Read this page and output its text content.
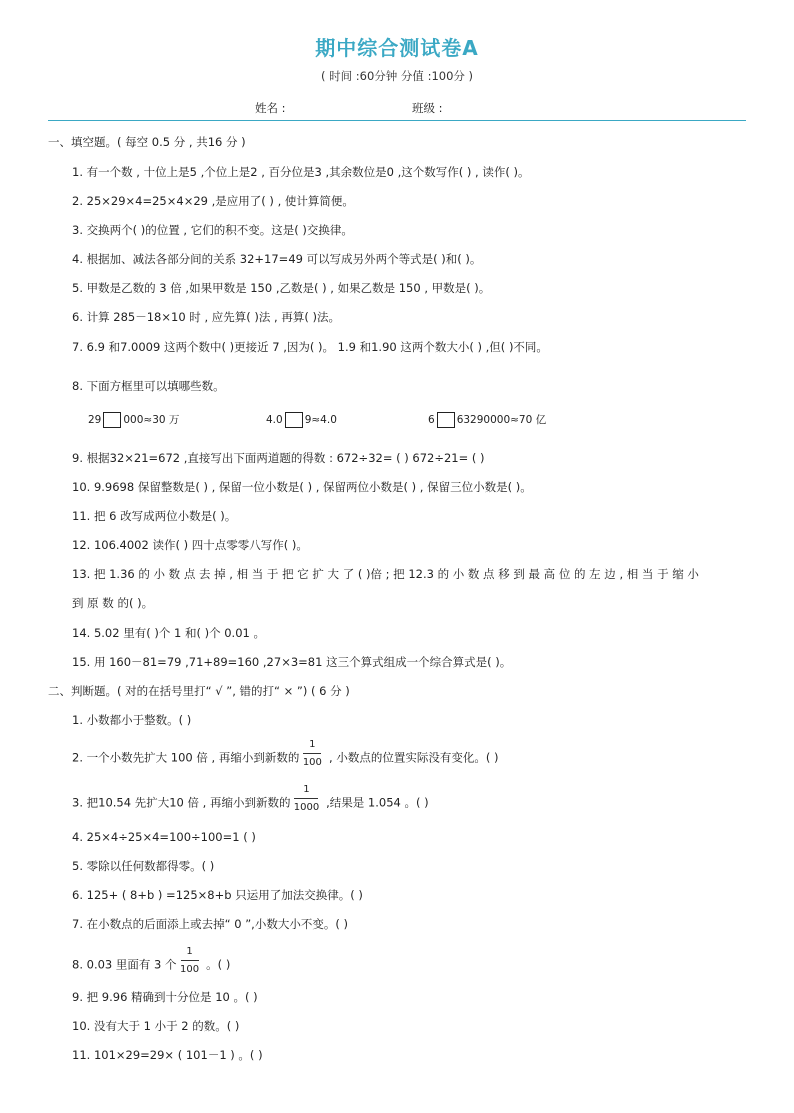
期中综合测试卷A
( 时间 :60分钟 分值 :100分 )
姓名 :	班级 :
一、填空题。( 每空 0.5 分 , 共16 分 )
1. 有一个数 , 十位上是5 ,个位上是2 , 百分位是3 ,其余数位是0 ,这个数写作( ) , 读作( )。
2. 25×29×4=25×4×29 ,是应用了( ) , 使计算简便。
3. 交换两个( )的位置 , 它们的积不变。这是( )交换律。
4. 根据加、减法各部分间的关系 32+17=49 可以写成另外两个等式是( )和( )。
5. 甲数是乙数的 3 倍 ,如果甲数是 150 ,乙数是( ) , 如果乙数是 150 , 甲数是( )。
6. 计算 285－18×10 时 , 应先算( )法 , 再算( )法。
7. 6.9 和7.0009 这两个数中( )更接近 7 ,因为( )。 1.9 和1.90 这两个数大小( ) ,但( )不同。
8. 下面方框里可以填哪些数。
29 000≈30 万	4.0 9≈4.0	6 63290000≈70 亿
9. 根据32×21=672 ,直接写出下面两道题的得数 : 672÷32= ( ) 672÷21= ( )
10. 9.9698 保留整数是( ) , 保留一位小数是( ) , 保留两位小数是( ) , 保留三位小数是( )。
11. 把 6 改写成两位小数是( )。
12. 106.4002 读作( ) 四十点零零八写作( )。
13. 把 1.36 的 小 数 点 去 掉 , 相 当 于 把 它 扩 大 了 ( )倍 ; 把 12.3 的 小 数 点 移 到 最 高 位 的 左 边 , 相 当 于 缩 小
到 原 数 的( )。
14. 5.02 里有( )个 1 和( )个 0.01 。
15. 用 160－81=79 ,71+89=160 ,27×3=81 这三个算式组成一个综合算式是( )。
二、判断题。( 对的在括号里打“ √ ”, 错的打“ × ”) ( 6 分 )
1. 小数都小于整数。( )
2. 一个小数先扩大 100 倍 , 再缩小到新数的 $\frac{1}{100}$ , 小数点的位置实际没有变化。( )
3. 把10.54 先扩大10 倍 , 再缩小到新数的 $\frac{1}{1000}$ ,结果是 1.054 。( )
4. 25×4÷25×4=100÷100=1 ( )
5. 零除以任何数都得零。( )
6. 125+ ( 8+b ) =125×8+b 只运用了加法交换律。( )
7. 在小数点的后面添上或去掉“ 0 ”,小数大小不变。( )
8. 0.03 里面有 3 个 $\frac{1}{100}$ 。( )
9. 把 9.96 精确到十分位是 10 。( )
10. 没有大于 1 小于 2 的数。( )
11. 101×29=29× ( 101－1 ) 。( )
